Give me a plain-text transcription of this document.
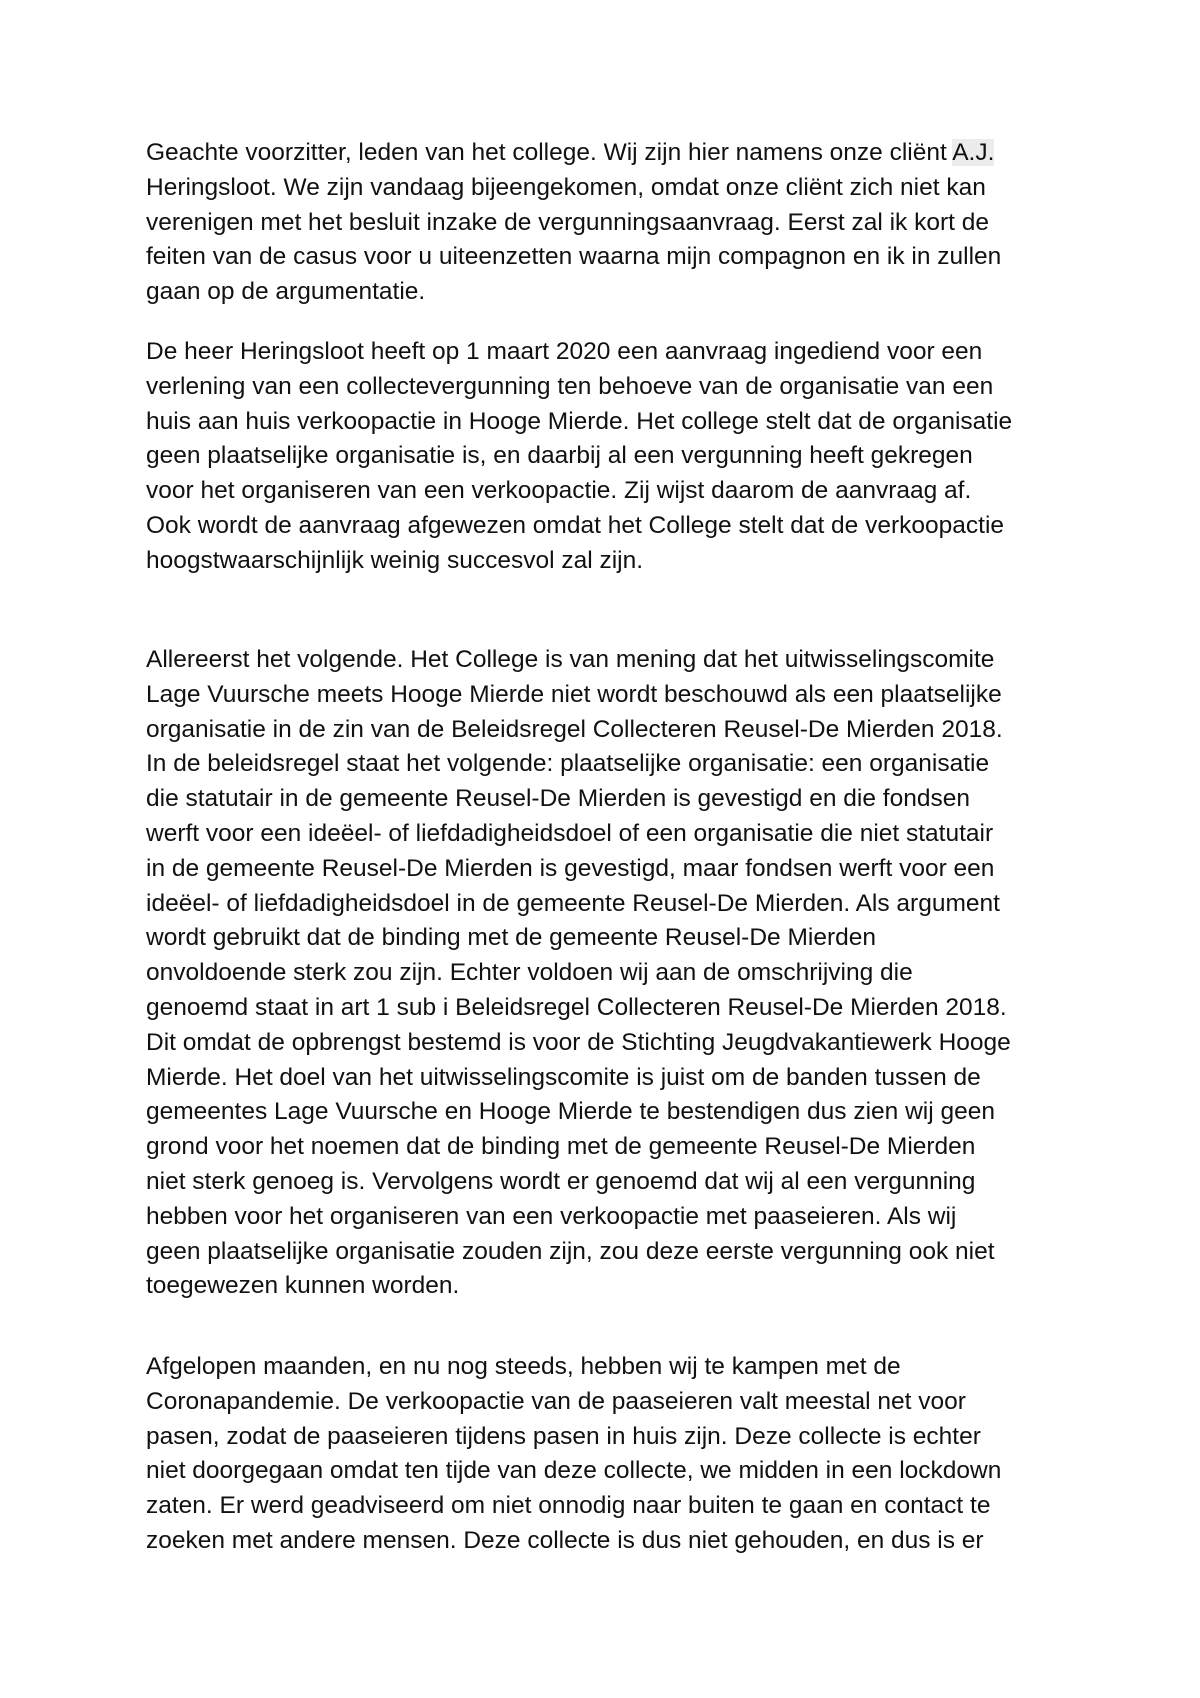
Geachte voorzitter, leden van het college. Wij zijn hier namens onze cliënt A.J.
Heringsloot. We zijn vandaag bijeengekomen, omdat onze cliënt zich niet kan
verenigen met het besluit inzake de vergunningsaanvraag. Eerst zal ik kort de
feiten van de casus voor u uiteenzetten waarna mijn compagnon en ik in zullen
gaan op de argumentatie.

De heer Heringsloot heeft op 1 maart 2020 een aanvraag ingediend voor een
verlening van een collectevergunning ten behoeve van de organisatie van een
huis aan huis verkoopactie in Hooge Mierde. Het college stelt dat de organisatie
geen plaatselijke organisatie is, en daarbij al een vergunning heeft gekregen
voor het organiseren van een verkoopactie. Zij wijst daarom de aanvraag af.
Ook wordt de aanvraag afgewezen omdat het College stelt dat de verkoopactie
hoogstwaarschijnlijk weinig succesvol zal zijn.

Allereerst het volgende. Het College is van mening dat het uitwisselingscomite
Lage Vuursche meets Hooge Mierde niet wordt beschouwd als een plaatselijke
organisatie in de zin van de Beleidsregel Collecteren Reusel-De Mierden 2018.
In de beleidsregel staat het volgende: plaatselijke organisatie: een organisatie
die statutair in de gemeente Reusel-De Mierden is gevestigd en die fondsen
werft voor een ideëel- of liefdadigheidsdoel of een organisatie die niet statutair
in de gemeente Reusel-De Mierden is gevestigd, maar fondsen werft voor een
ideëel- of liefdadigheidsdoel in de gemeente Reusel-De Mierden. Als argument
wordt gebruikt dat de binding met de gemeente Reusel-De Mierden
onvoldoende sterk zou zijn. Echter voldoen wij aan de omschrijving die
genoemd staat in art 1 sub i Beleidsregel Collecteren Reusel-De Mierden 2018.
Dit omdat de opbrengst bestemd is voor de Stichting Jeugdvakantiewerk Hooge
Mierde. Het doel van het uitwisselingscomite is juist om de banden tussen de
gemeentes Lage Vuursche en Hooge Mierde te bestendigen dus zien wij geen
grond voor het noemen dat de binding met de gemeente Reusel-De Mierden
niet sterk genoeg is. Vervolgens wordt er genoemd dat wij al een vergunning
hebben voor het organiseren van een verkoopactie met paaseieren. Als wij
geen plaatselijke organisatie zouden zijn, zou deze eerste vergunning ook niet
toegewezen kunnen worden.

Afgelopen maanden, en nu nog steeds, hebben wij te kampen met de
Coronapandemie. De verkoopactie van de paaseieren valt meestal net voor
pasen, zodat de paaseieren tijdens pasen in huis zijn. Deze collecte is echter
niet doorgegaan omdat ten tijde van deze collecte, we midden in een lockdown
zaten. Er werd geadviseerd om niet onnodig naar buiten te gaan en contact te
zoeken met andere mensen. Deze collecte is dus niet gehouden, en dus is er
